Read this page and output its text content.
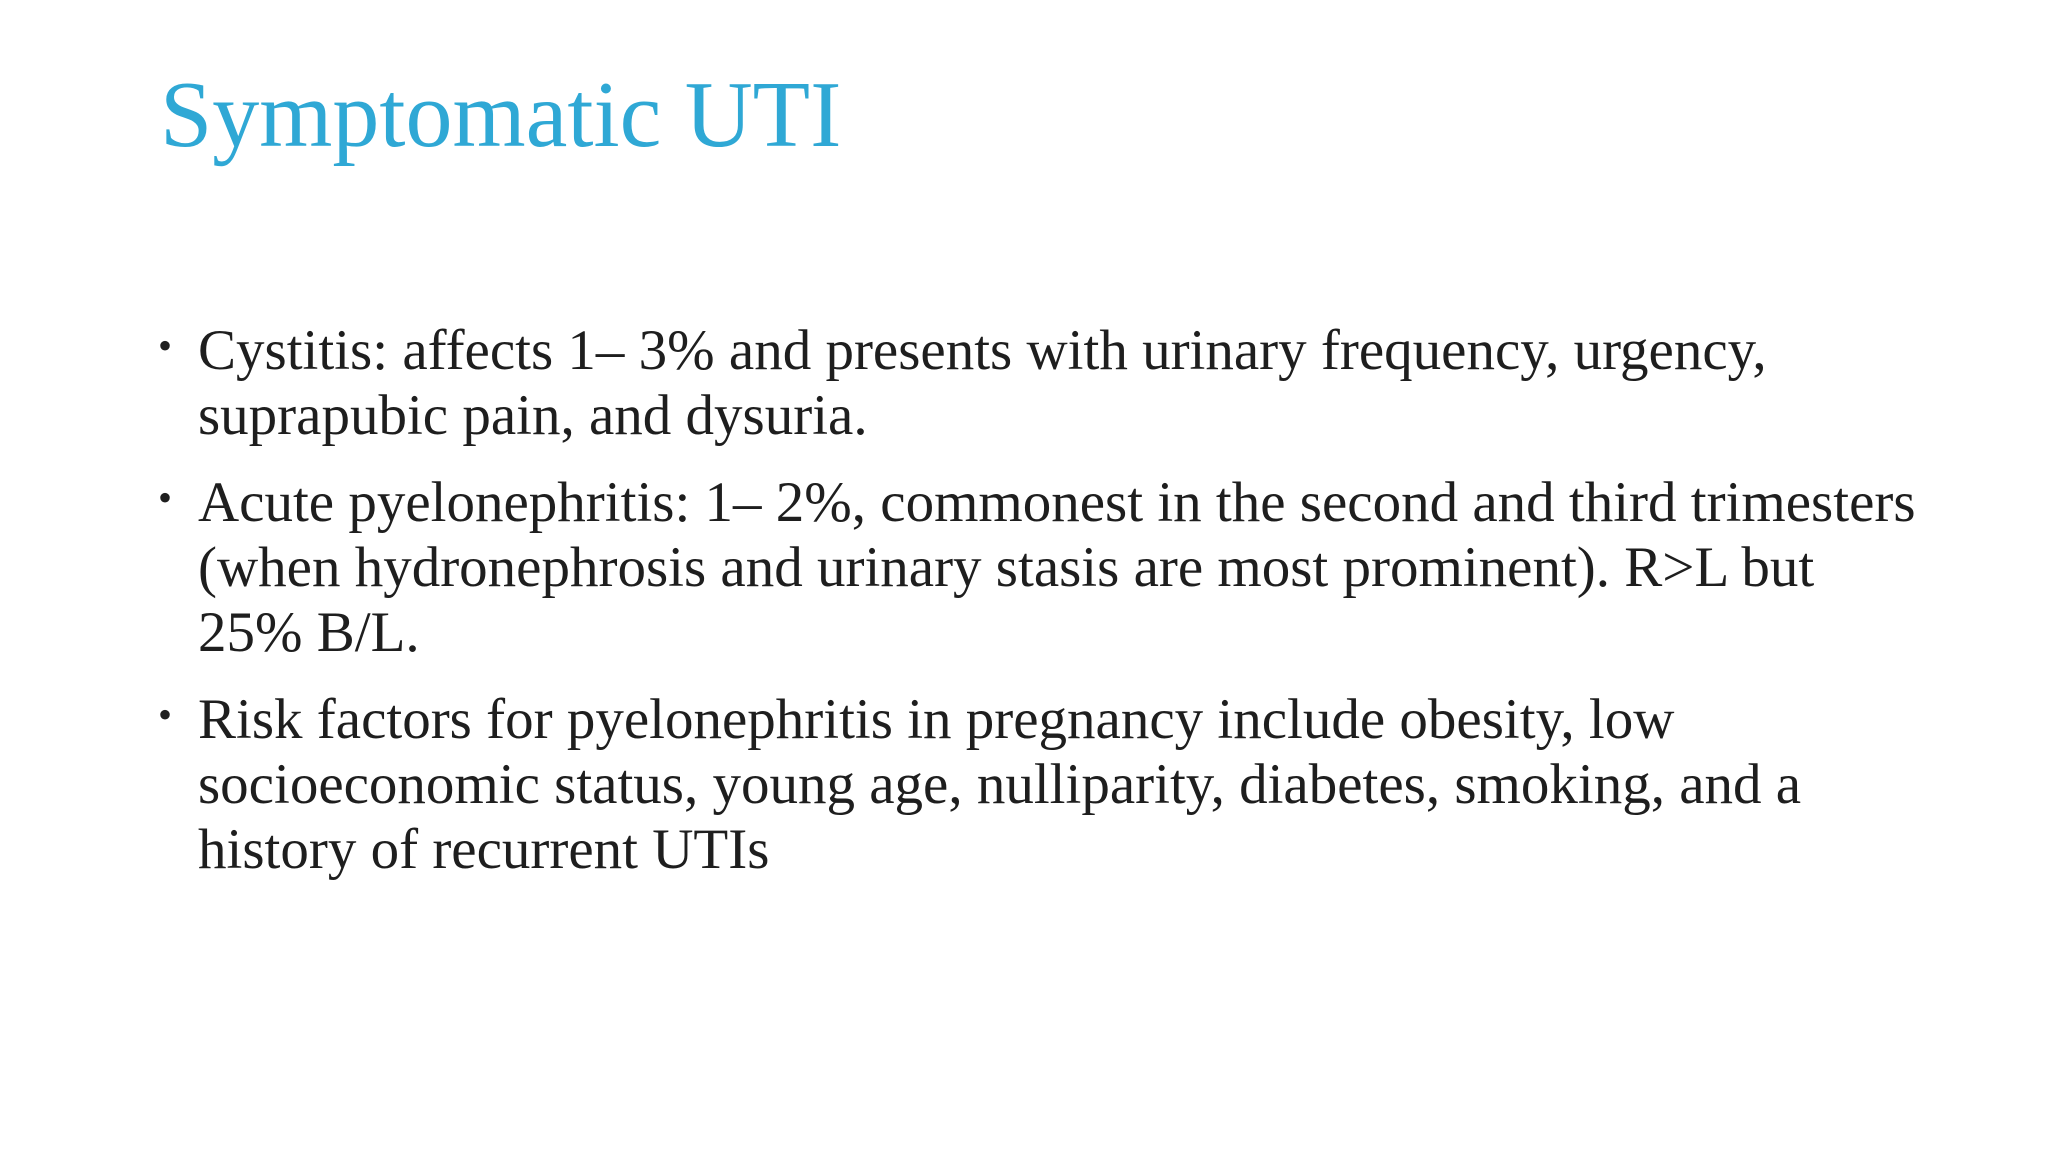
Symptomatic UTI
• Cystitis: affects 1– 3% and presents with urinary frequency, urgency, suprapubic pain, and dysuria.
• Acute pyelonephritis: 1– 2%, commonest in the second and third trimesters (when hydronephrosis and urinary stasis are most prominent). R>L but 25% B/L.
• Risk factors for pyelonephritis in pregnancy include obesity, low socioeconomic status, young age, nulliparity, diabetes, smoking, and a history of recurrent UTIs
